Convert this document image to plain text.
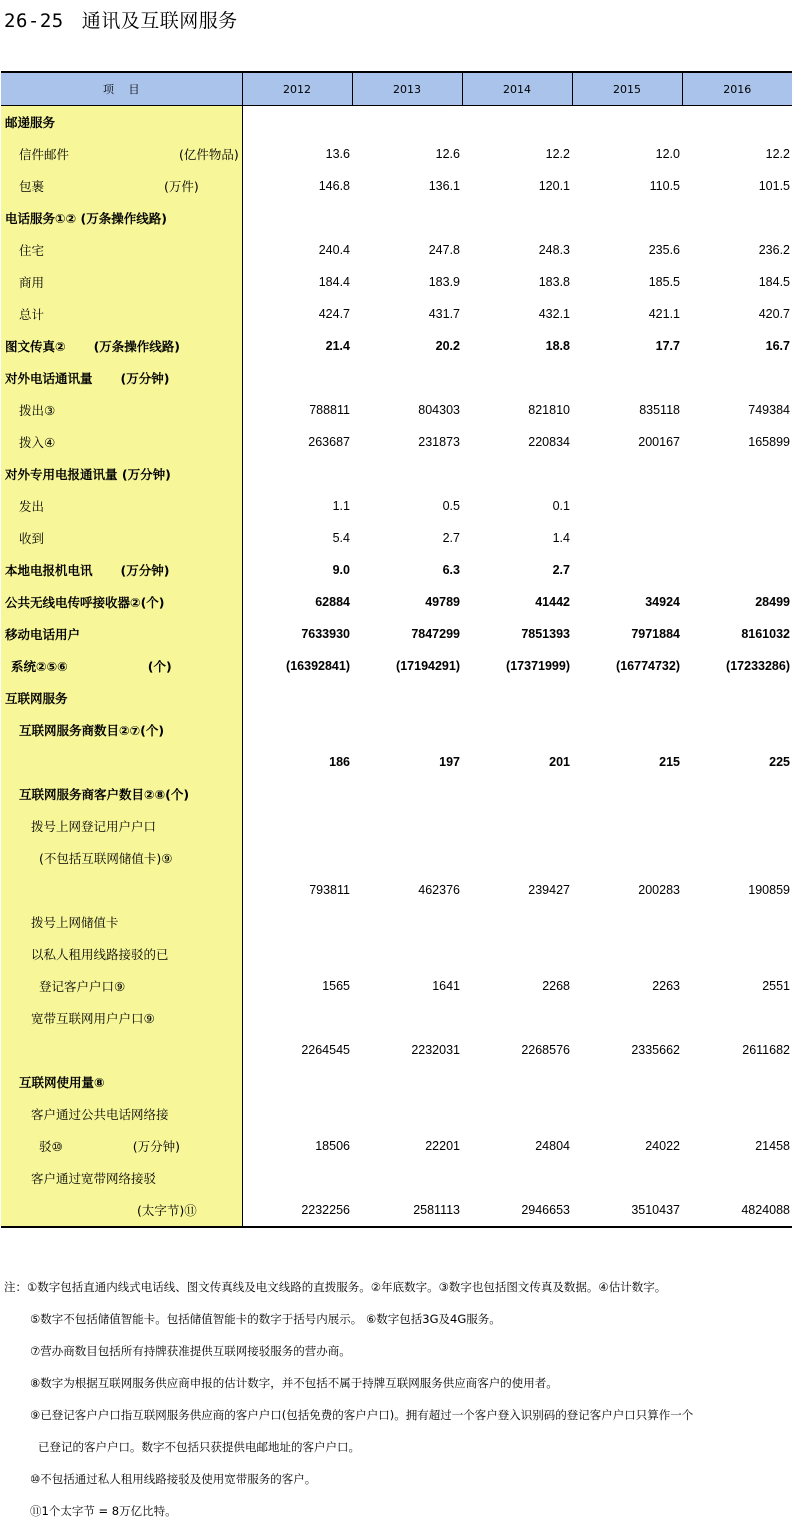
26-25 通讯及互联网服务
项　 目	2012	2013	2014	2015	2016
邮递服务					
信件邮件 (亿件物品)	13.6	12.6	12.2	12.0	12.2
包裹 (万件)	146.8	136.1	120.1	110.5	101.5
电话服务①② (万条操作线路)					
住宅	240.4	247.8	248.3	235.6	236.2
商用	184.4	183.9	183.8	185.5	184.5
总计	424.7	431.7	432.1	421.1	420.7
图文传真② (万条操作线路)	21.4	20.2	18.8	17.7	16.7
对外电话通讯量 (万分钟)					
拨出③	788811	804303	821810	835118	749384
拨入④	263687	231873	220834	200167	165899
对外专用电报通讯量 (万分钟)					
发出	1.1	0.5	0.1		
收到	5.4	2.7	1.4		
本地电报机电讯 (万分钟)	9.0	6.3	2.7		
公共无线电传呼接收器②(个)	62884	49789	41442	34924	28499
移动电话用户	7633930	7847299	7851393	7971884	8161032
系统②⑤⑥ (个)	(16392841)	(17194291)	(17371999)	(16774732)	(17233286)
互联网服务					
互联网服务商数目②⑦(个)					
	186	197	201	215	225
互联网服务商客户数目②⑧(个)					
拨号上网登记用户户口					
(不包括互联网储值卡)⑨					
	793811	462376	239427	200283	190859
拨号上网储值卡					
以私人租用线路接驳的已					
登记客户户口⑨	1565	1641	2268	2263	2551
宽带互联网用户户口⑨					
	2264545	2232031	2268576	2335662	2611682
互联网使用量⑧					
客户通过公共电话网络接					
驳⑩ (万分钟)	18506	22201	24804	24022	21458
客户通过宽带网络接驳					
(太字节)⑪	2232256	2581113	2946653	3510437	4824088
注：①数字包括直通内线式电话线、图文传真线及电文线路的直拨服务。②年底数字。③数字也包括图文传真及数据。④估计数字。
⑤数字不包括储值智能卡。包括储值智能卡的数字于括号内展示。 ⑥数字包括3G及4G服务。
⑦营办商数目包括所有持牌获准提供互联网接驳服务的营办商。
⑧数字为根据互联网服务供应商申报的估计数字，并不包括不属于持牌互联网服务供应商客户的使用者。
⑨已登记客户户口指互联网服务供应商的客户户口(包括免费的客户户口)。拥有超过一个客户登入识别码的登记客户户口只算作一个
已登记的客户户口。数字不包括只获提供电邮地址的客户户口。
⑩不包括通过私人租用线路接驳及使用宽带服务的客户。
⑪1个太字节 = 8万亿比特。
